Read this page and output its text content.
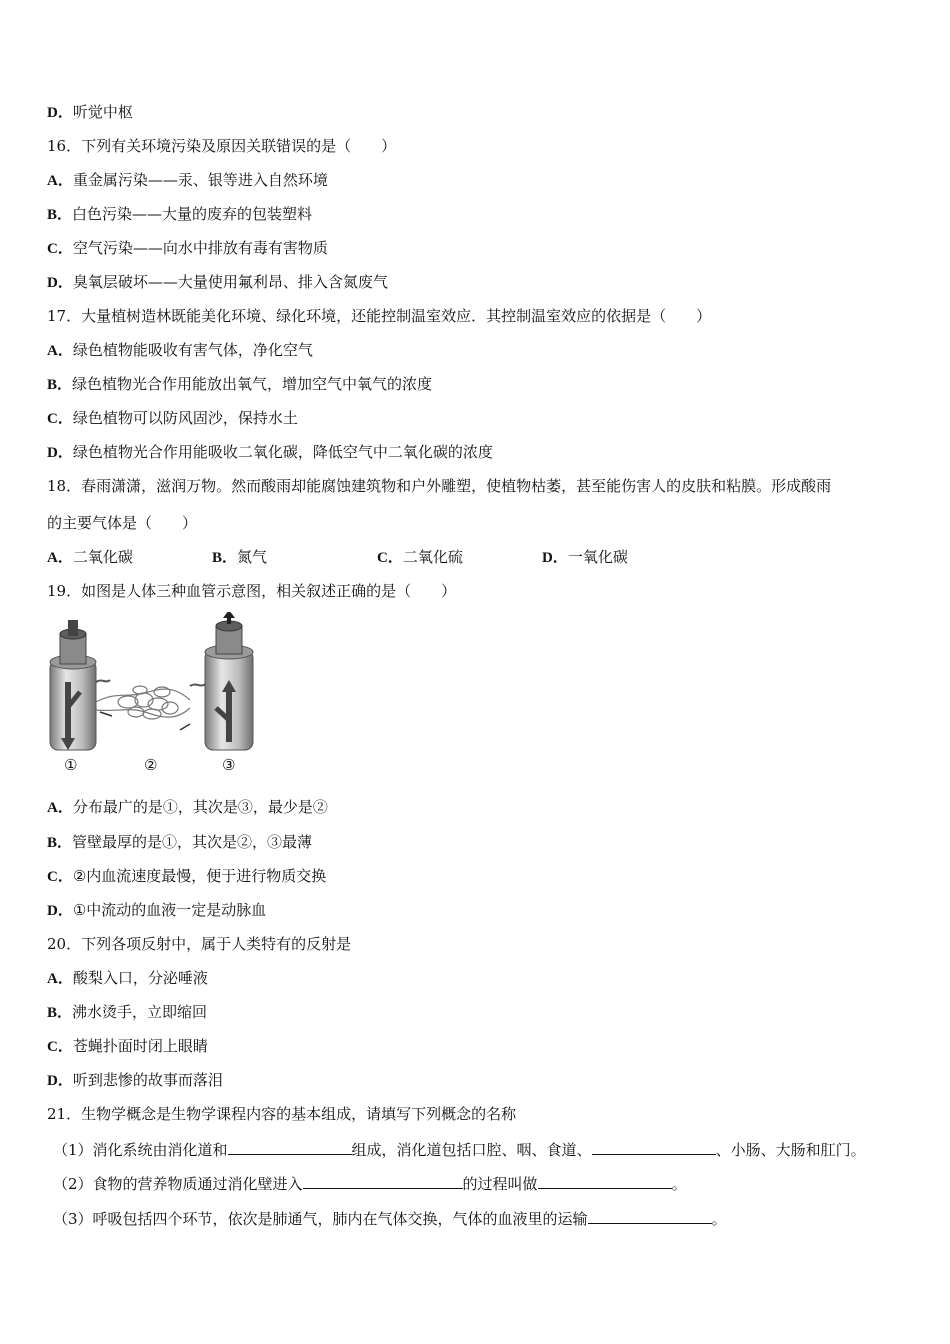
D．听觉中枢
16．下列有关环境污染及原因关联错误的是（　　）
A．重金属污染——汞、银等进入自然环境
B．白色污染——大量的废弃的包装塑料
C．空气污染——向水中排放有毒有害物质
D．臭氧层破坏——大量使用氟利昂、排入含氮废气
17．大量植树造林既能美化环境、绿化环境，还能控制温室效应．其控制温室效应的依据是（　　）
A．绿色植物能吸收有害气体，净化空气
B．绿色植物光合作用能放出氧气，增加空气中氧气的浓度
C．绿色植物可以防风固沙，保持水土
D．绿色植物光合作用能吸收二氧化碳，降低空气中二氧化碳的浓度
18．春雨潇潇，滋润万物。然而酸雨却能腐蚀建筑物和户外雕塑，使植物枯萎，甚至能伤害人的皮肤和粘膜。形成酸雨
的主要气体是（　　）
A．二氧化碳	B．氮气	C．二氧化硫	D．一氧化碳
19．如图是人体三种血管示意图，相关叙述正确的是（　　）
①	②	③
A．分布最广的是①，其次是③，最少是②
B．管壁最厚的是①，其次是②，③最薄
C．②内血流速度最慢，便于进行物质交换
D．①中流动的血液一定是动脉血
20．下列各项反射中，属于人类特有的反射是
A．酸梨入口，分泌唾液
B．沸水烫手，立即缩回
C．苍蝇扑面时闭上眼睛
D．听到悲惨的故事而落泪
21．生物学概念是生物学课程内容的基本组成，请填写下列概念的名称
（1）消化系统由消化道和	组成，消化道包括口腔、咽、食道、	、小肠、大肠和肛门。
（2）食物的营养物质通过消化壁进入	的过程叫做	。
（3）呼吸包括四个环节，依次是肺通气，肺内在气体交换，气体的血液里的运输	。
